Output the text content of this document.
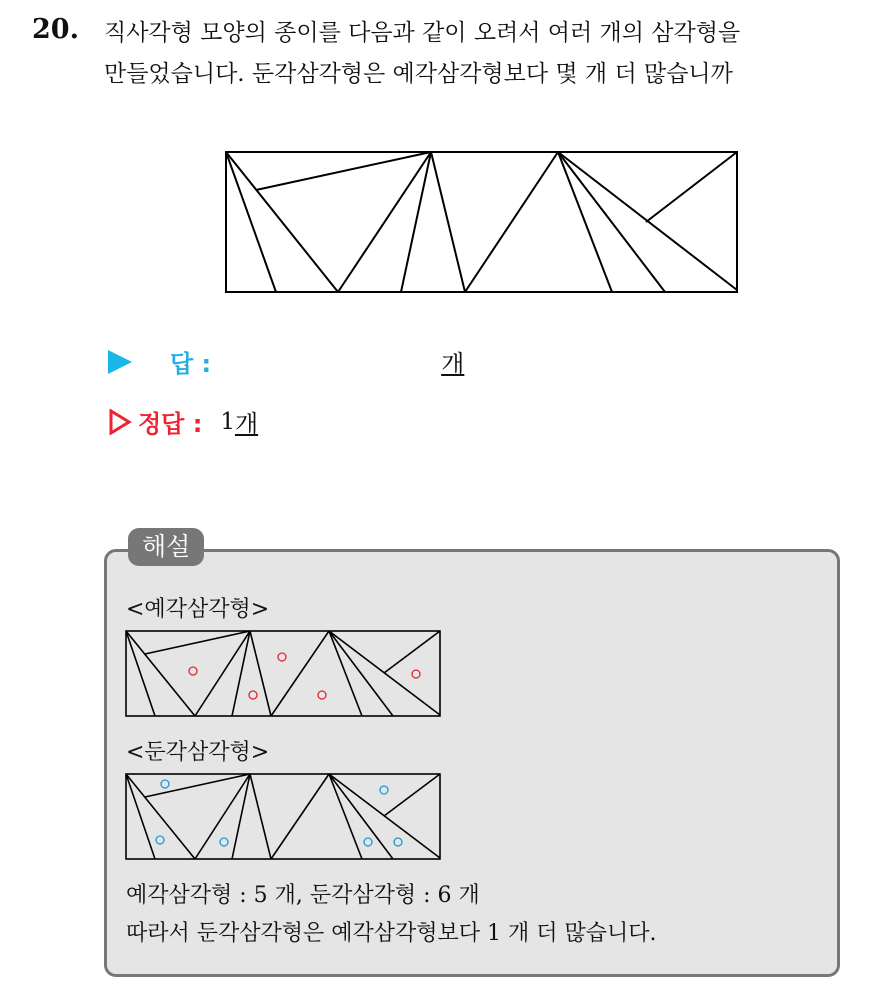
20. 직사각형 모양의 종이를 다음과 같이 오려서 여러 개의 삼각형을
만들었습니다. 둔각삼각형은 예각삼각형보다 몇 개 더 많습니까
답 :	개
정답 : 1 개
해설
<예각삼각형>
<둔각삼각형>
예각삼각형 : 5 개, 둔각삼각형 : 6 개
따라서 둔각삼각형은 예각삼각형보다 1 개 더 많습니다.
